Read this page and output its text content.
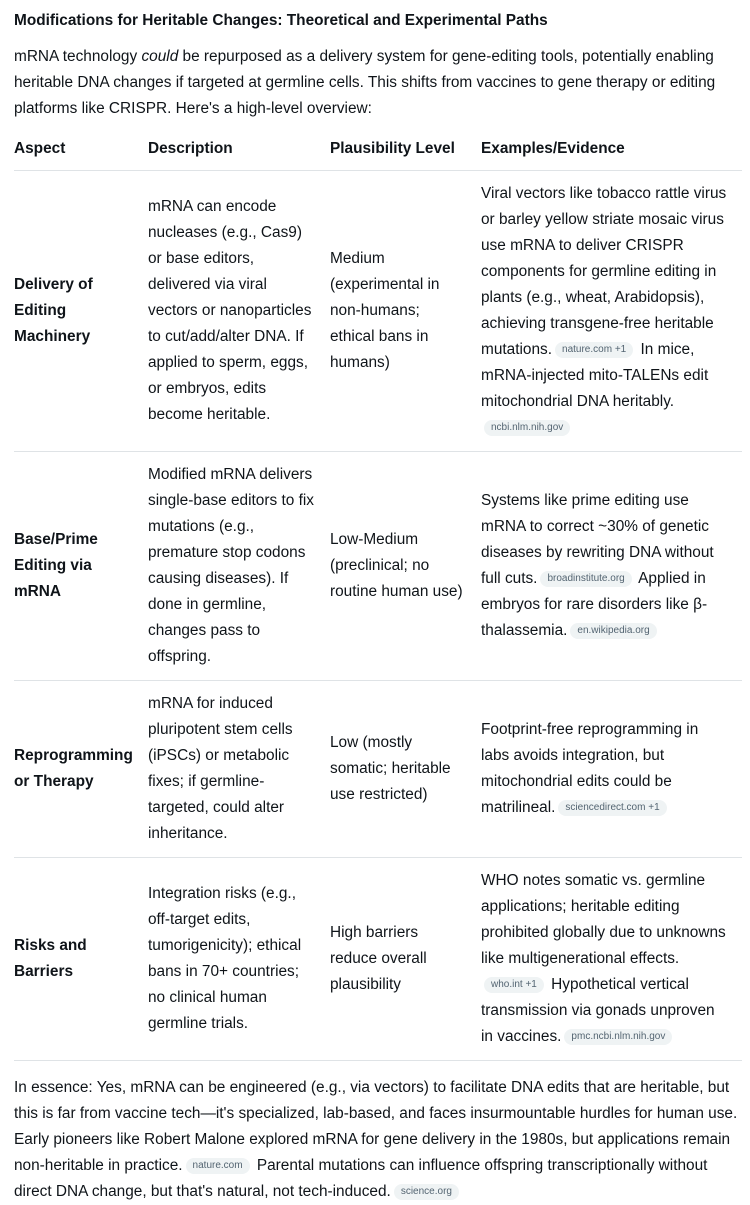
Modifications for Heritable Changes: Theoretical and Experimental Paths

mRNA technology could be repurposed as a delivery system for gene-editing tools, potentially enabling heritable DNA changes if targeted at germline cells. This shifts from vaccines to gene therapy or editing platforms like CRISPR. Here's a high-level overview:

Aspect	Description	Plausibility Level	Examples/Evidence
Delivery of Editing Machinery	mRNA can encode nucleases (e.g., Cas9) or base editors, delivered via viral vectors or nanoparticles to cut/add/alter DNA. If applied to sperm, eggs, or embryos, edits become heritable.	Medium (experimental in non-humans; ethical bans in humans)	Viral vectors like tobacco rattle virus or barley yellow striate mosaic virus use mRNA to deliver CRISPR components for germline editing in plants (e.g., wheat, Arabidopsis), achieving transgene-free heritable mutations. nature.com +1 In mice, mRNA-injected mito-TALENs edit mitochondrial DNA heritably.ncbi.nlm.nih.gov
Base/Prime Editing via mRNA	Modified mRNA delivers single-base editors to fix mutations (e.g., premature stop codons causing diseases). If done in germline, changes pass to offspring.	Low-Medium (preclinical; no routine human use)	Systems like prime editing use mRNA to correct ~30% of genetic diseases by rewriting DNA without full cuts. broadinstitute.org Applied in embryos for rare disorders like β-thalassemia. en.wikipedia.org
Reprogramming or Therapy	mRNA for induced pluripotent stem cells (iPSCs) or metabolic fixes; if germline-targeted, could alter inheritance.	Low (mostly somatic; heritable use restricted)	Footprint-free reprogramming in labs avoids integration, but mitochondrial edits could be matrilineal. sciencedirect.com +1
Risks and Barriers	Integration risks (e.g., off-target edits, tumorigenicity); ethical bans in 70+ countries; no clinical human germline trials.	High barriers reduce overall plausibility	WHO notes somatic vs. germline applications; heritable editing prohibited globally due to unknowns like multigenerational effects.who.int +1 Hypothetical vertical transmission via gonads unproven in vaccines. pmc.ncbi.nlm.nih.gov

In essence: Yes, mRNA can be engineered (e.g., via vectors) to facilitate DNA edits that are heritable, but this is far from vaccine tech—it's specialized, lab-based, and faces insurmountable hurdles for human use. Early pioneers like Robert Malone explored mRNA for gene delivery in the 1980s, but applications remain non-heritable in practice. nature.com Parental mutations can influence offspring transcriptionally without direct DNA change, but that's natural, not tech-induced. science.org
